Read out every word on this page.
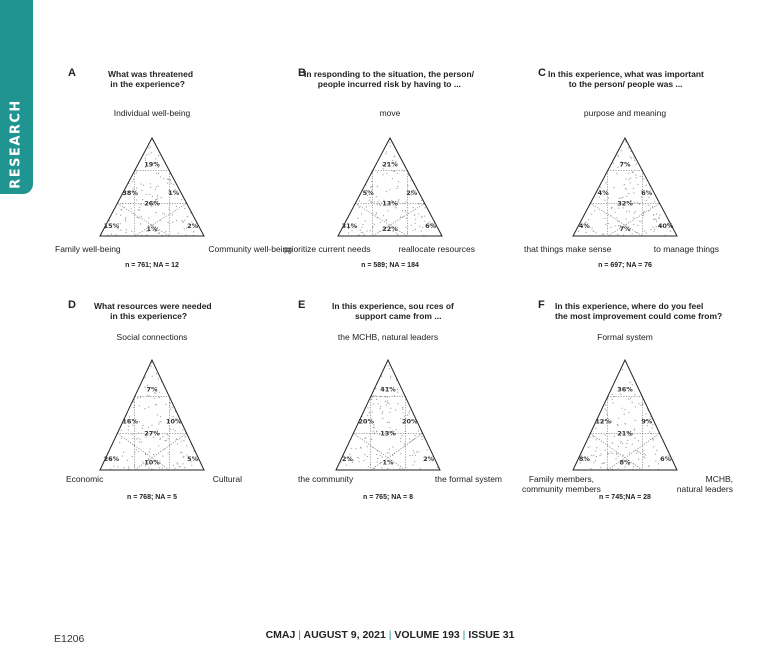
RESEARCH
A	What was threatened
in the experience?
Individual well-being
Family well-being	Community well-being
n = 761; NA = 12
19%
38%
26%
1%
15%	1%	2%
B
In responding to the situation, the person/
people incurred risk by having to ...
move
prioritize current needs	reallocate resources
n = 589; NA = 184
21%
5%
13%
2%
31%	22%	6%
C In this experience, what was important
to the person/ people was ...
purpose and meaning
that things make sense	to manage things
n = 697; NA = 76
7%
4%
32%
6%
4%	7%	40%
D What resources were needed
in this experience?
Social connections
Economic	Cultural
n = 768; NA = 5
7%
16%
27%
10%
26%	10%	5%
E	In this experience, sou rces of
support came from ...
the MCHB, natural leaders
the community	the formal system
n = 765; NA = 8
41%
20%
13%
20%
2%	1%	2%
F In this experience, where do you feel
the most improvement could come from?
Formal system
Family members,
community members
MCHB,
natural leaders
n = 745;NA = 28
36%
12%
21%
9%
8%	8%	6%
E1206	CMAJ | AUGUST 9, 2021 | VOLUME 193 | ISSUE 31
